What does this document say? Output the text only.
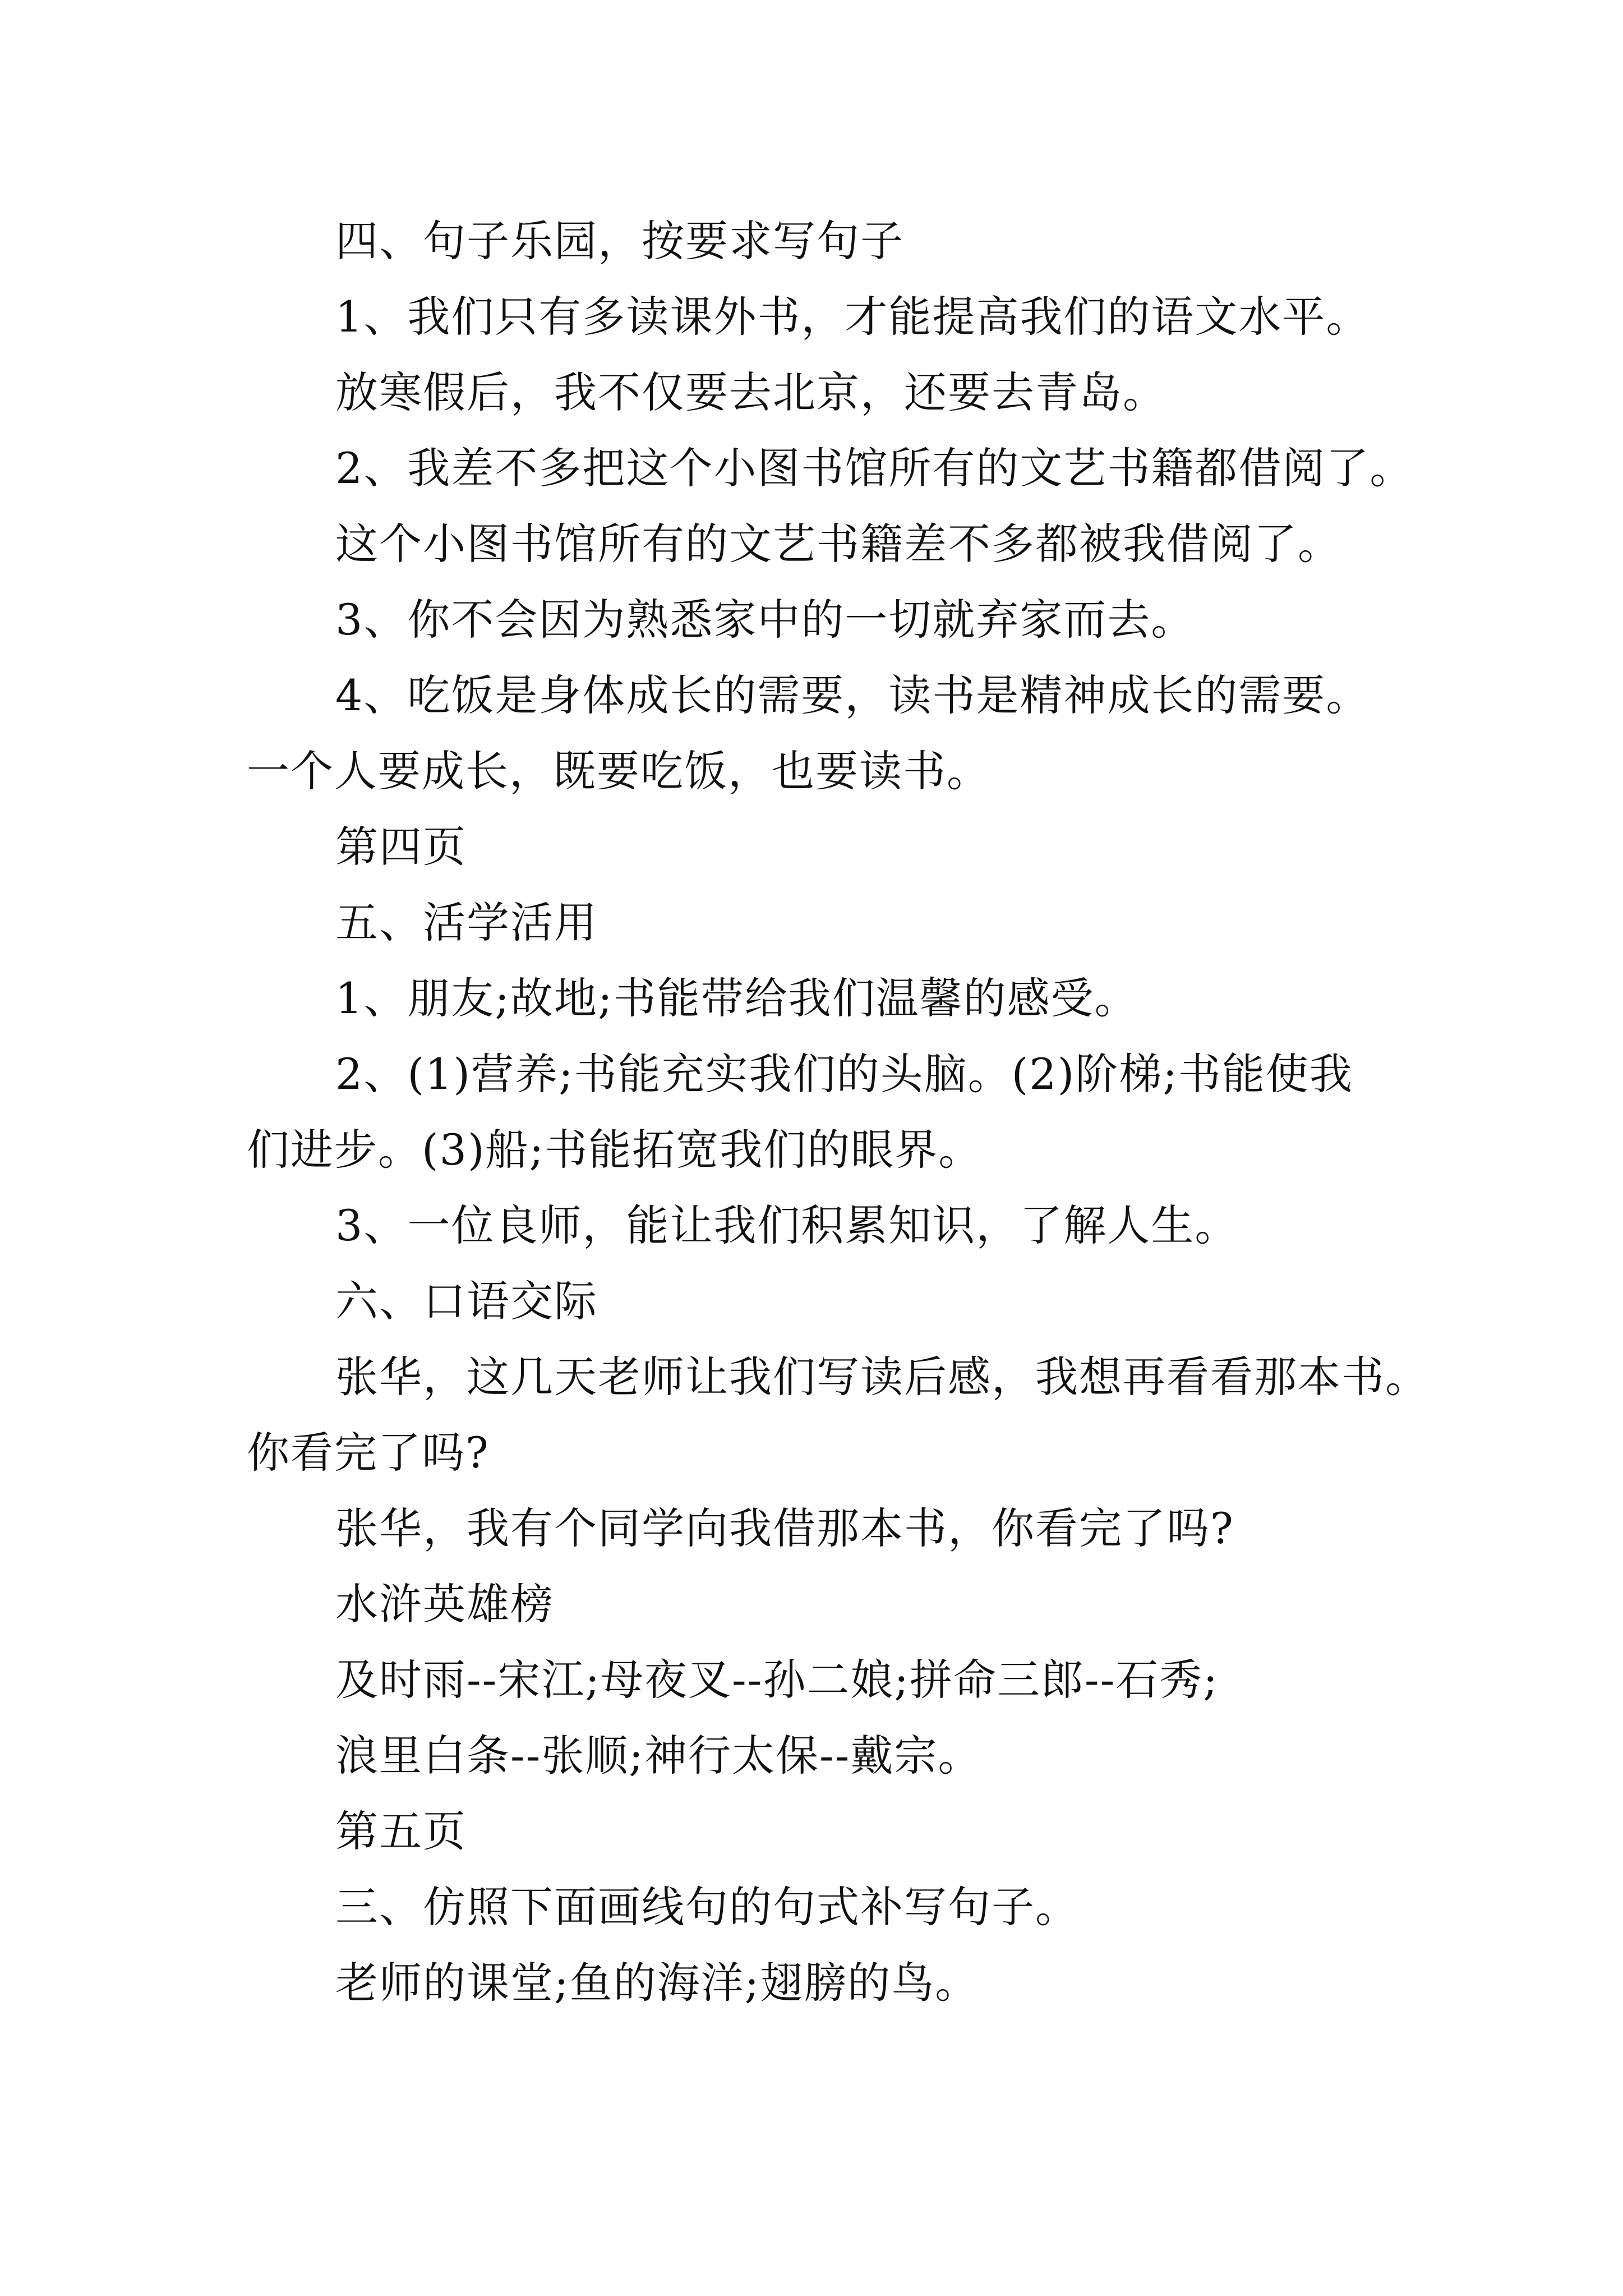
四、句子乐园，按要求写句子

1、我们只有多读课外书，才能提高我们的语文水平。

放寒假后，我不仅要去北京，还要去青岛。

2、我差不多把这个小图书馆所有的文艺书籍都借阅了。

这个小图书馆所有的文艺书籍差不多都被我借阅了。

3、你不会因为熟悉家中的一切就弃家而去。

4、吃饭是身体成长的需要，读书是精神成长的需要。

一个人要成长，既要吃饭，也要读书。

第四页

五、活学活用

1、朋友;故地;书能带给我们温馨的感受。

2、(1)营养;书能充实我们的头脑。(2)阶梯;书能使我

们进步。(3)船;书能拓宽我们的眼界。

3、一位良师，能让我们积累知识，了解人生。

六、口语交际

张华，这几天老师让我们写读后感，我想再看看那本书。

你看完了吗?

张华，我有个同学向我借那本书，你看完了吗?

水浒英雄榜

及时雨--宋江;母夜叉--孙二娘;拼命三郎--石秀;

浪里白条--张顺;神行太保--戴宗。

第五页

三、仿照下面画线句的句式补写句子。

老师的课堂;鱼的海洋;翅膀的鸟。
